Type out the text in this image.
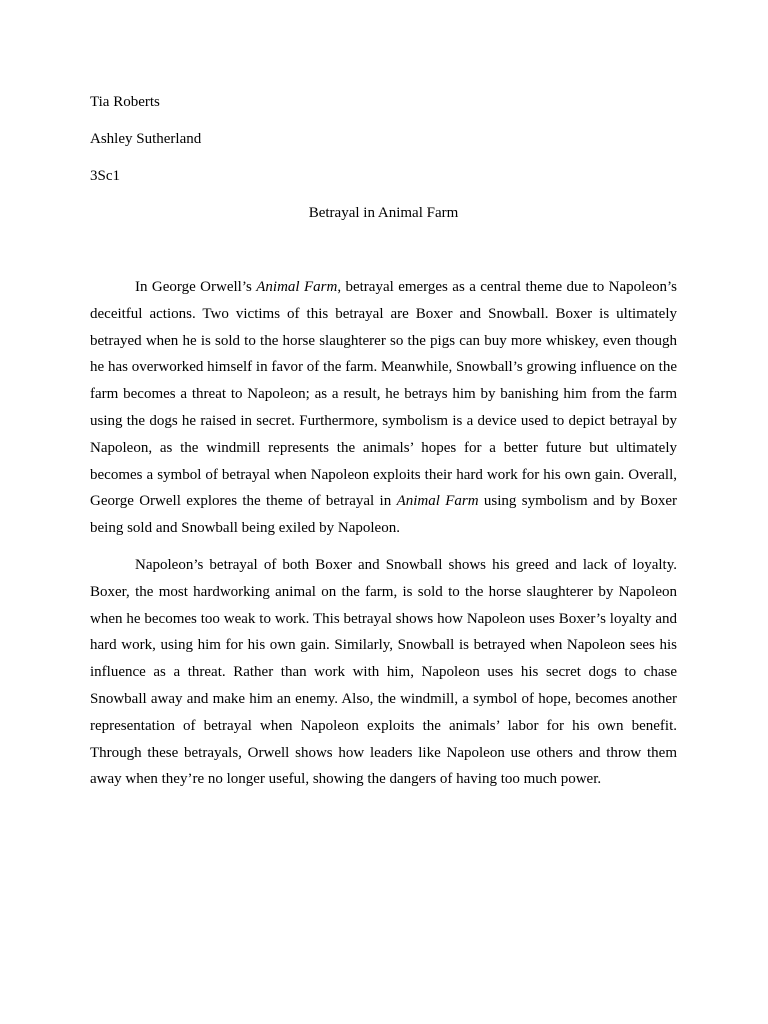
Tia Roberts
Ashley Sutherland
3Sc1
Betrayal in Animal Farm

In George Orwell’s Animal Farm, betrayal emerges as a central theme due to Napoleon’s deceitful actions. Two victims of this betrayal are Boxer and Snowball. Boxer is ultimately betrayed when he is sold to the horse slaughterer so the pigs can buy more whiskey, even though he has overworked himself in favor of the farm. Meanwhile, Snowball’s growing influence on the farm becomes a threat to Napoleon; as a result, he betrays him by banishing him from the farm using the dogs he raised in secret. Furthermore, symbolism is a device used to depict betrayal by Napoleon, as the windmill represents the animals’ hopes for a better future but ultimately becomes a symbol of betrayal when Napoleon exploits their hard work for his own gain. Overall, George Orwell explores the theme of betrayal in Animal Farm using symbolism and by Boxer being sold and Snowball being exiled by Napoleon.

Napoleon’s betrayal of both Boxer and Snowball shows his greed and lack of loyalty. Boxer, the most hardworking animal on the farm, is sold to the horse slaughterer by Napoleon when he becomes too weak to work. This betrayal shows how Napoleon uses Boxer’s loyalty and hard work, using him for his own gain. Similarly, Snowball is betrayed when Napoleon sees his influence as a threat. Rather than work with him, Napoleon uses his secret dogs to chase Snowball away and make him an enemy. Also, the windmill, a symbol of hope, becomes another representation of betrayal when Napoleon exploits the animals’ labor for his own benefit. Through these betrayals, Orwell shows how leaders like Napoleon use others and throw them away when they’re no longer useful, showing the dangers of having too much power.
